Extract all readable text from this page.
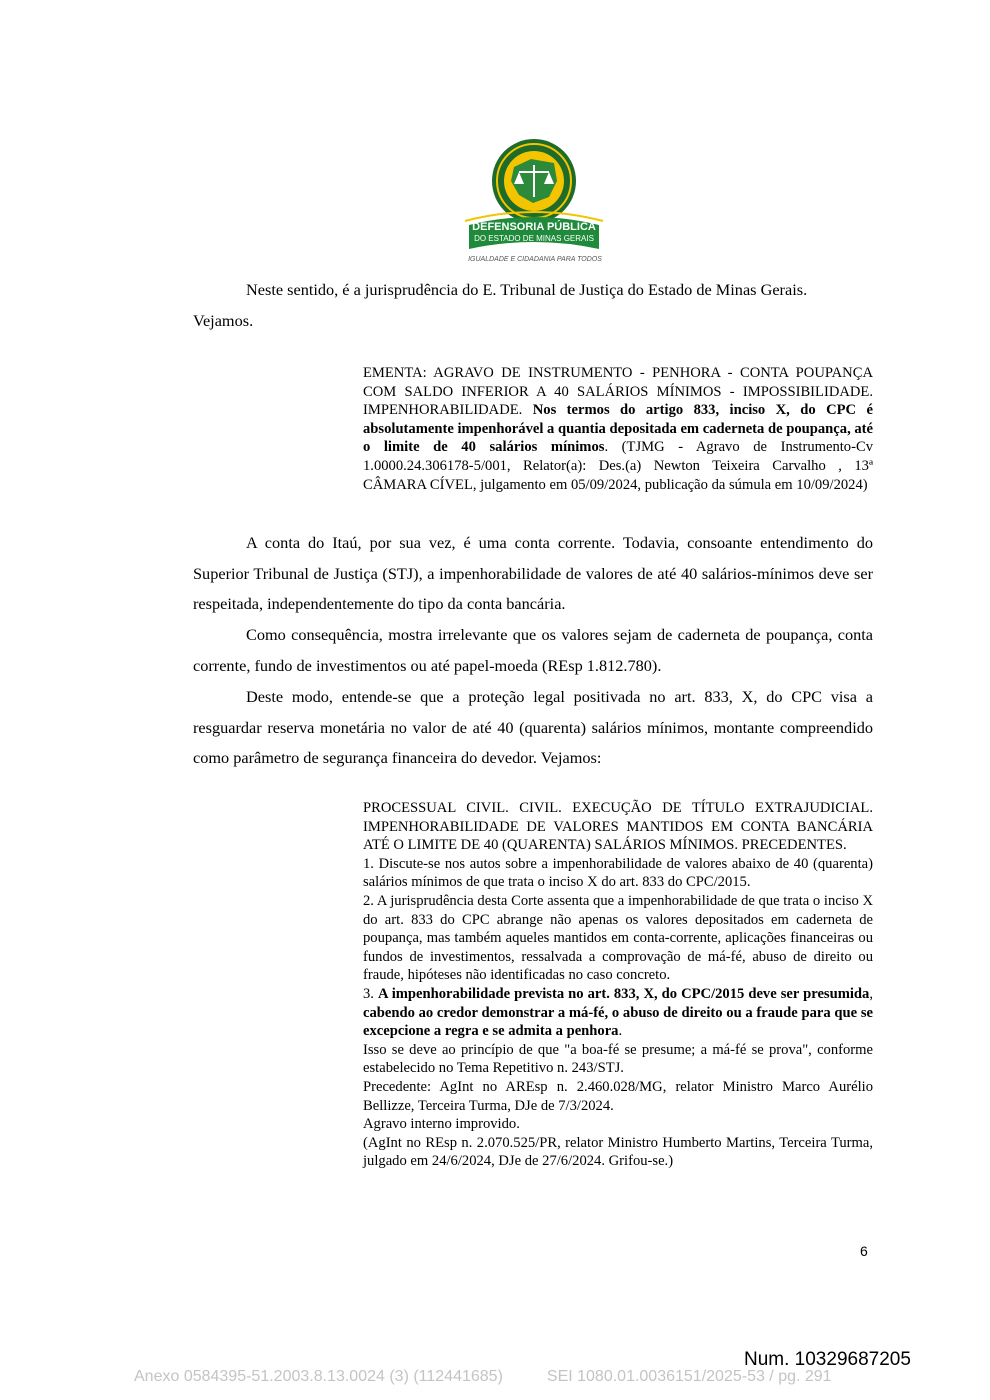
DEFENSORIA PÚBLICA
DO ESTADO DE MINAS GERAIS
IGUALDADE E CIDADANIA PARA TODOS
Neste sentido, é a jurisprudência do E. Tribunal de Justiça do Estado de Minas Gerais.
Vejamos.
EMENTA: AGRAVO DE INSTRUMENTO - PENHORA - CONTA POUPANÇA COM SALDO INFERIOR A 40 SALÁRIOS MÍNIMOS - IMPOSSIBILIDADE. IMPENHORABILIDADE. Nos termos do artigo 833, inciso X, do CPC é absolutamente impenhorável a quantia depositada em caderneta de poupança, até o limite de 40 salários mínimos. (TJMG - Agravo de Instrumento-Cv 1.0000.24.306178-5/001, Relator(a): Des.(a) Newton Teixeira Carvalho , 13ª CÂMARA CÍVEL, julgamento em 05/09/2024, publicação da súmula em 10/09/2024)
A conta do Itaú, por sua vez, é uma conta corrente. Todavia, consoante entendimento do Superior Tribunal de Justiça (STJ), a impenhorabilidade de valores de até 40 salários-mínimos deve ser respeitada, independentemente do tipo da conta bancária.
Como consequência, mostra irrelevante que os valores sejam de caderneta de poupança, conta corrente, fundo de investimentos ou até papel-moeda (REsp 1.812.780).
Deste modo, entende-se que a proteção legal positivada no art. 833, X, do CPC visa a resguardar reserva monetária no valor de até 40 (quarenta) salários mínimos, montante compreendido como parâmetro de segurança financeira do devedor. Vejamos:

PROCESSUAL CIVIL. CIVIL. EXECUÇÃO DE TÍTULO EXTRAJUDICIAL. IMPENHORABILIDADE DE VALORES MANTIDOS EM CONTA BANCÁRIA ATÉ O LIMITE DE 40 (QUARENTA) SALÁRIOS MÍNIMOS. PRECEDENTES.

1. Discute-se nos autos sobre a impenhorabilidade de valores abaixo de 40 (quarenta) salários mínimos de que trata o inciso X do art. 833 do CPC/2015.

2. A jurisprudência desta Corte assenta que a impenhorabilidade de que trata o inciso X do art. 833 do CPC abrange não apenas os valores depositados em caderneta de poupança, mas também aqueles mantidos em conta-corrente, aplicações financeiras ou fundos de investimentos, ressalvada a comprovação de má-fé, abuso de direito ou fraude, hipóteses não identificadas no caso concreto.

3. A impenhorabilidade prevista no art. 833, X, do CPC/2015 deve ser presumida, cabendo ao credor demonstrar a má-fé, o abuso de direito ou a fraude para que se excepcione a regra e se admita a penhora.

Isso se deve ao princípio de que "a boa-fé se presume; a má-fé se prova", conforme estabelecido no Tema Repetitivo n. 243/STJ.

Precedente: AgInt no AREsp n. 2.460.028/MG, relator Ministro Marco Aurélio Bellizze, Terceira Turma, DJe de 7/3/2024.

Agravo interno improvido.

(AgInt no REsp n. 2.070.525/PR, relator Ministro Humberto Martins, Terceira Turma, julgado em 24/6/2024, DJe de 27/6/2024. Grifou-se.)

6
Num. 10329687205
Anexo 0584395-51.2003.8.13.0024 (3) (112441685)	SEI 1080.01.0036151/2025-53 / pg. 291
